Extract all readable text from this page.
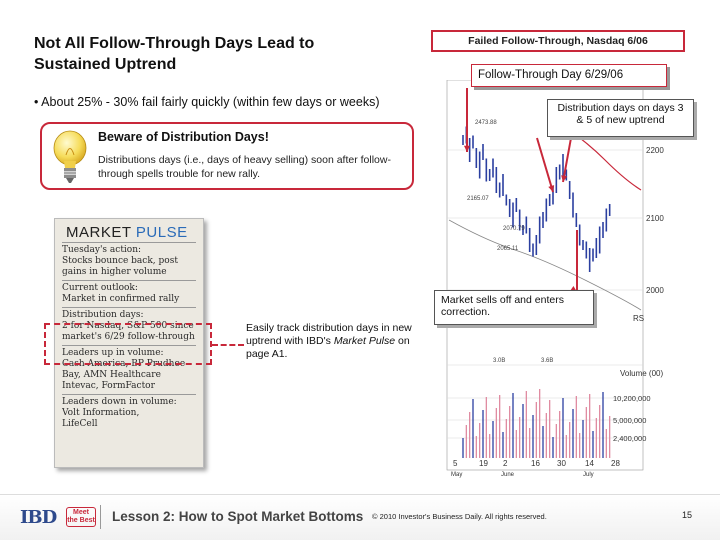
Not All Follow-Through Days Lead to Sustained Uptrend
• About 25% - 30% fail fairly quickly (within few days or weeks)
Beware of Distribution Days!
Distributions days (i.e., days of heavy selling) soon after follow-through spells trouble for new rally.
MARKET PULSE
Tuesday's action:
Stocks bounce back, post
gains in higher volume
Current outlook:
Market in confirmed rally
Distribution days:
2 for Nasdaq, S&P 500 since
market's 6/29 follow-through
Leaders up in volume:
Cash America, BP Prudhoe
Bay, AMN Healthcare
Intevac, FormFactor
Leaders down in volume:
Volt Information,
LifeCell
Easily track distribution days in new uptrend with IBD's Market Pulse on page A1.
Failed Follow-Through, Nasdaq 6/06
2200
2100
2000
RS
Volume (00)
10,200,000
5,000,000
2,400,000
2473.88
2165.07
2070.79
2065.11
3.0B	3.6B
5	19 2	16 30 14 28
May	June	July
Follow-Through Day 6/29/06
Distribution days on days 3 & 5 of new uptrend
Market sells off and enters correction.
IBD	Meet the Best Lesson 2: How to Spot Market Bottoms © 2010 Investor's Business Daily. All rights reserved.	15
